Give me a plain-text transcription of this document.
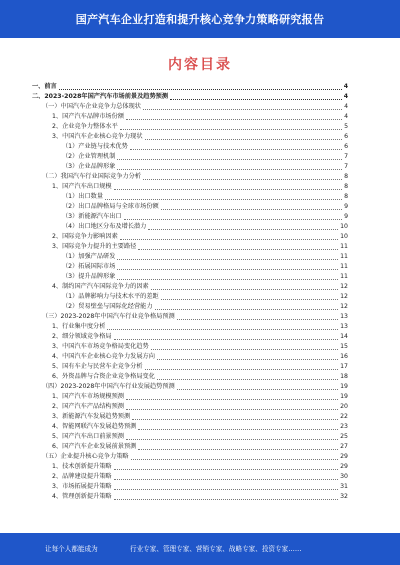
国产汽车企业打造和提升核心竞争力策略研究报告
内容目录
一、前言	4
二、2023-2028年国产汽车市场前景及趋势预测	4
（一）中国汽车企业竞争力总体现状	4
1、国产汽车品牌市场份额	4
2、企业竞争力整体水平	5
3、中国汽车企业核心竞争力现状	6
（1）产业链与技术优势	6
（2）企业管理机制	7
（3）企业品牌形象	7
（二）我国汽车行业国际竞争力分析	8
1、国产汽车出口规模	8
（1）出口数量	8
（2）出口品牌格局与全球市场份额	9
（3）新能源汽车出口	9
（4）出口地区分布及增长潜力	10
2、国际竞争力影响因素	10
3、国际竞争力提升的主要路径	11
（1）加强产品研发	11
（2）拓展国际市场	11
（3）提升品牌形象	11
4、制约国产汽车国际竞争力的因素	12
（1）品牌影响力与技术水平的差距	12
（2）贸易壁垒与国际化经营能力	12
（三）2023-2028年中国汽车行业竞争格局预测	13
1、行业集中度分析	13
2、细分领域竞争格局	14
3、中国汽车市场竞争格局变化趋势	15
4、中国汽车企业核心竞争力发展方向	16
5、国有车企与民营车企竞争分析	17
6、外资品牌与合资企业竞争格局变化	18
（四）2023-2028年中国汽车行业发展趋势预测	19
1、国产汽车市场规模预测	19
2、国产汽车产品结构预测	20
3、新能源汽车发展趋势预测	22
4、智能网联汽车发展趋势预测	23
5、国产汽车出口前景预测	25
6、国产汽车企业发展前景预测	27
（五）企业提升核心竞争力策略	29
1、技术创新提升策略	29
2、品牌建设提升策略	30
3、市场拓展提升策略	31
4、管理创新提升策略	32
让每个人都能成为	行业专家、管理专家、营销专家、战略专家、投资专家……
